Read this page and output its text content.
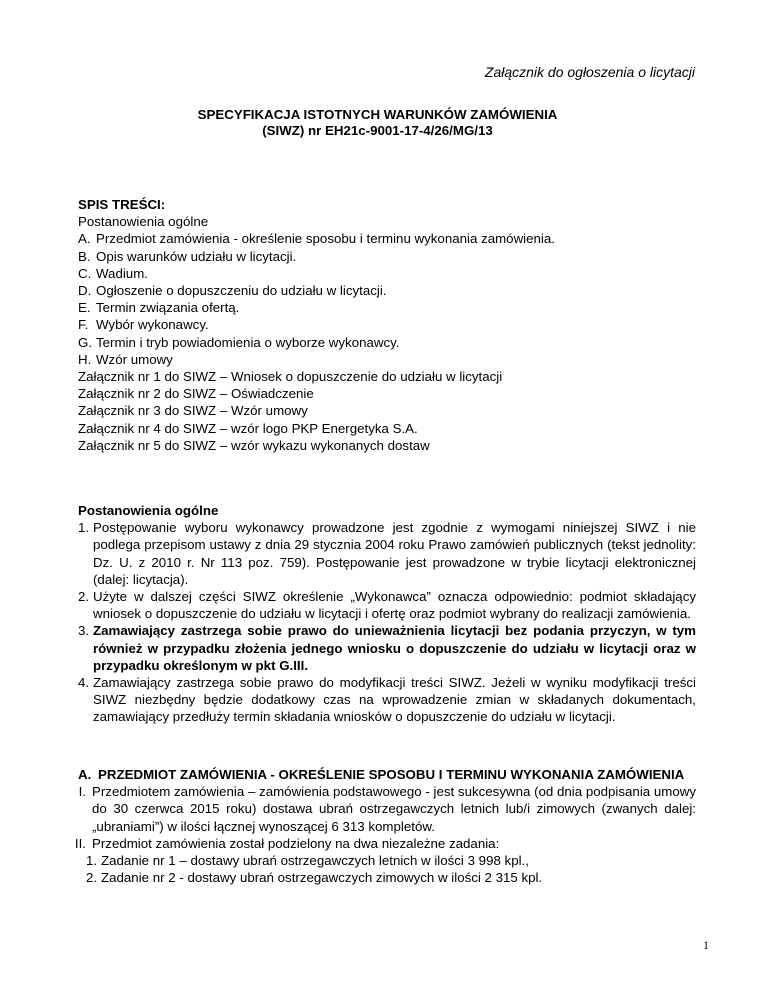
Załącznik do ogłoszenia o licytacji
SPECYFIKACJA ISTOTNYCH WARUNKÓW ZAMÓWIENIA
(SIWZ) nr EH21c-9001-17-4/26/MG/13
SPIS TREŚCI:
Postanowienia ogólne
A. Przedmiot zamówienia - określenie sposobu i terminu wykonania zamówienia.
B. Opis warunków udziału w licytacji.
C. Wadium.
D. Ogłoszenie o dopuszczeniu do udziału w licytacji.
E. Termin związania ofertą.
F. Wybór wykonawcy.
G. Termin i tryb powiadomienia o wyborze wykonawcy.
H. Wzór umowy
Załącznik nr 1 do SIWZ – Wniosek o dopuszczenie do udziału w licytacji
Załącznik nr 2 do SIWZ – Oświadczenie
Załącznik nr 3 do SIWZ – Wzór umowy
Załącznik nr 4 do SIWZ – wzór logo PKP Energetyka S.A.
Załącznik nr 5 do SIWZ – wzór wykazu wykonanych dostaw
Postanowienia ogólne
1. Postępowanie wyboru wykonawcy prowadzone jest zgodnie z wymogami niniejszej SIWZ i nie podlega przepisom ustawy z dnia 29 stycznia 2004 roku Prawo zamówień publicznych (tekst jednolity: Dz. U. z 2010 r. Nr 113 poz. 759). Postępowanie jest prowadzone w trybie licytacji elektronicznej (dalej: licytacja).
2. Użyte w dalszej części SIWZ określenie „Wykonawca” oznacza odpowiednio: podmiot składający wniosek o dopuszczenie do udziału w licytacji i ofertę oraz podmiot wybrany do realizacji zamówienia.
3. Zamawiający zastrzega sobie prawo do unieważnienia licytacji bez podania przyczyn, w tym również w przypadku złożenia jednego wniosku o dopuszczenie do udziału w licytacji oraz w przypadku określonym w pkt G.III.
4. Zamawiający zastrzega sobie prawo do modyfikacji treści SIWZ. Jeżeli w wyniku modyfikacji treści SIWZ niezbędny będzie dodatkowy czas na wprowadzenie zmian w składanych dokumentach, zamawiający przedłuży termin składania wniosków o dopuszczenie do udziału w licytacji.
A. PRZEDMIOT ZAMÓWIENIA - OKREŚLENIE SPOSOBU I TERMINU WYKONANIA ZAMÓWIENIA
I. Przedmiotem zamówienia – zamówienia podstawowego - jest sukcesywna (od dnia podpisania umowy do 30 czerwca 2015 roku) dostawa ubrań ostrzegawczych letnich lub/i zimowych (zwanych dalej: „ubraniami”) w ilości łącznej wynoszącej 6 313 kompletów.
II. Przedmiot zamówienia został podzielony na dwa niezależne zadania:
1. Zadanie nr 1 – dostawy ubrań ostrzegawczych letnich w ilości 3 998 kpl.,
2. Zadanie nr 2 - dostawy ubrań ostrzegawczych zimowych w ilości 2 315 kpl.
1
